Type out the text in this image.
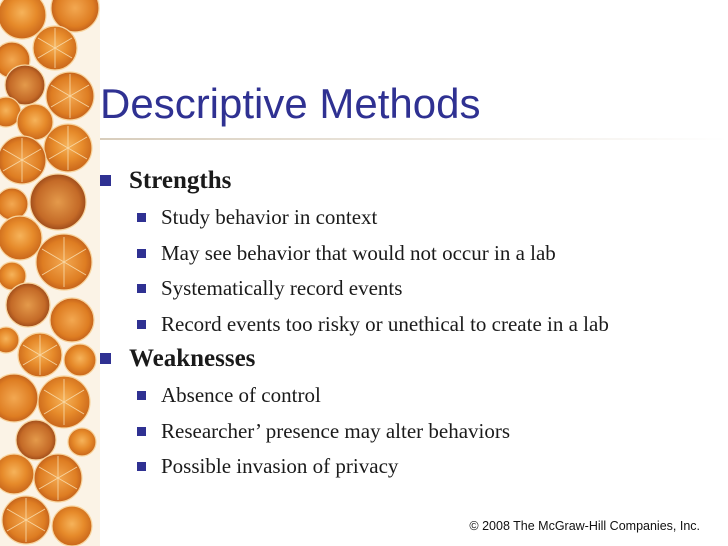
Descriptive Methods
Strengths
Study behavior in context
May see behavior that would not occur in a lab
Systematically record events
Record events too risky or unethical to create in a lab
Weaknesses
Absence of control
Researcher’ presence may alter behaviors
Possible invasion of privacy
© 2008 The McGraw-Hill Companies, Inc.
